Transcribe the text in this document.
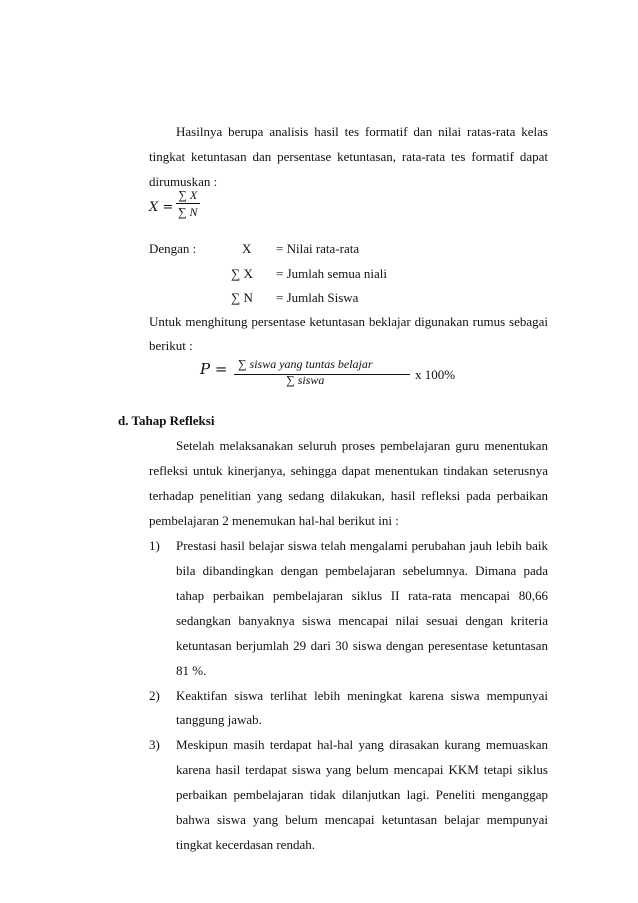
Hasilnya berupa analisis hasil tes formatif dan nilai ratas-rata kelas
tingkat ketuntasan dan persentase ketuntasan, rata-rata tes formatif dapat
dirumuskan :
$X = \frac{\sum X}{\sum N}$
Dengan :	X = Nilai rata-rata
∑ X = Jumlah semua niali
∑ N = Jumlah Siswa
Untuk menghitung persentase ketuntasan beklajar digunakan rumus sebagai
berikut :
P = ∑ siswa yang tuntas belajar
∑ siswa	x 100%
d. Tahap Refleksi
Setelah melaksanakan seluruh proses pembelajaran guru menentukan
refleksi untuk kinerjanya, sehingga dapat menentukan tindakan seterusnya
terhadap penelitian yang sedang dilakukan, hasil refleksi pada perbaikan
pembelajaran 2 menemukan hal-hal berikut ini :
1) Prestasi hasil belajar siswa telah mengalami perubahan jauh lebih baik
bila dibandingkan dengan pembelajaran sebelumnya. Dimana pada
tahap perbaikan pembelajaran siklus II rata-rata mencapai 80,66
sedangkan banyaknya siswa mencapai nilai sesuai dengan kriteria
ketuntasan berjumlah 29 dari 30 siswa dengan peresentase ketuntasan
81 %.
2) Keaktifan siswa terlihat lebih meningkat karena siswa mempunyai
tanggung jawab.
3) Meskipun masih terdapat hal-hal yang dirasakan kurang memuaskan
karena hasil terdapat siswa yang belum mencapai KKM tetapi siklus
perbaikan pembelajaran tidak dilanjutkan lagi. Peneliti menganggap
bahwa siswa yang belum mencapai ketuntasan belajar mempunyai
tingkat kecerdasan rendah.
